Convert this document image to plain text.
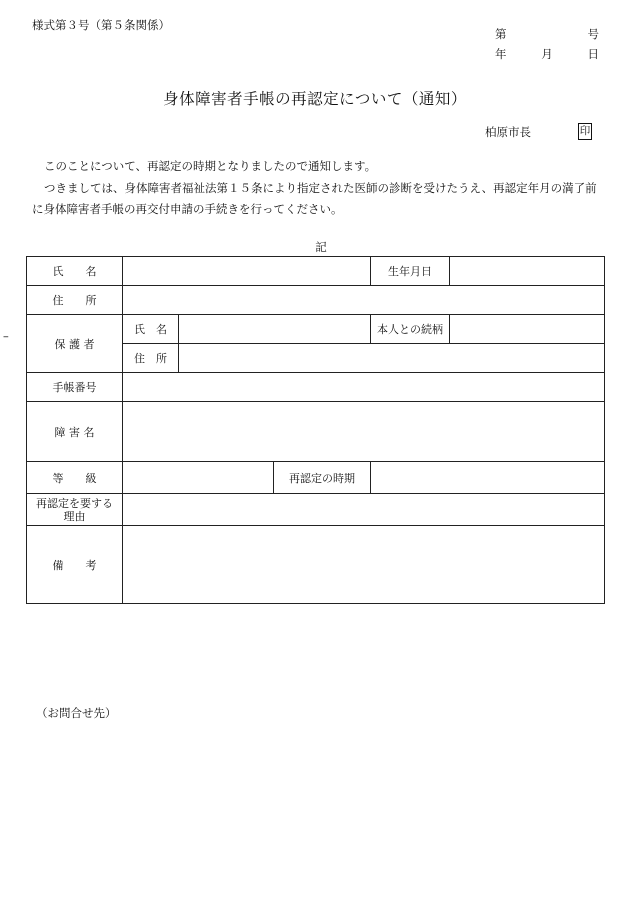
様式第３号（第５条関係）
第	号
年	月	日
身体障害者手帳の再認定について（通知）
柏原市長	印
このことについて、再認定の時期となりましたので通知します。
つきましては、身体障害者福祉法第１５条により指定された医師の診断を受けたうえ、再認定年月の満了前
に身体障害者手帳の再交付申請の手続きを行ってください。
記
–
氏　　名				生年月日	
住　　所					
保 護 者	氏　名			本人との続柄	
	住　所				
手帳番号					
障 害 名					
等　　級			再認定の時期		

再認定を要する
理由					

備　　考					
（お問合せ先）
